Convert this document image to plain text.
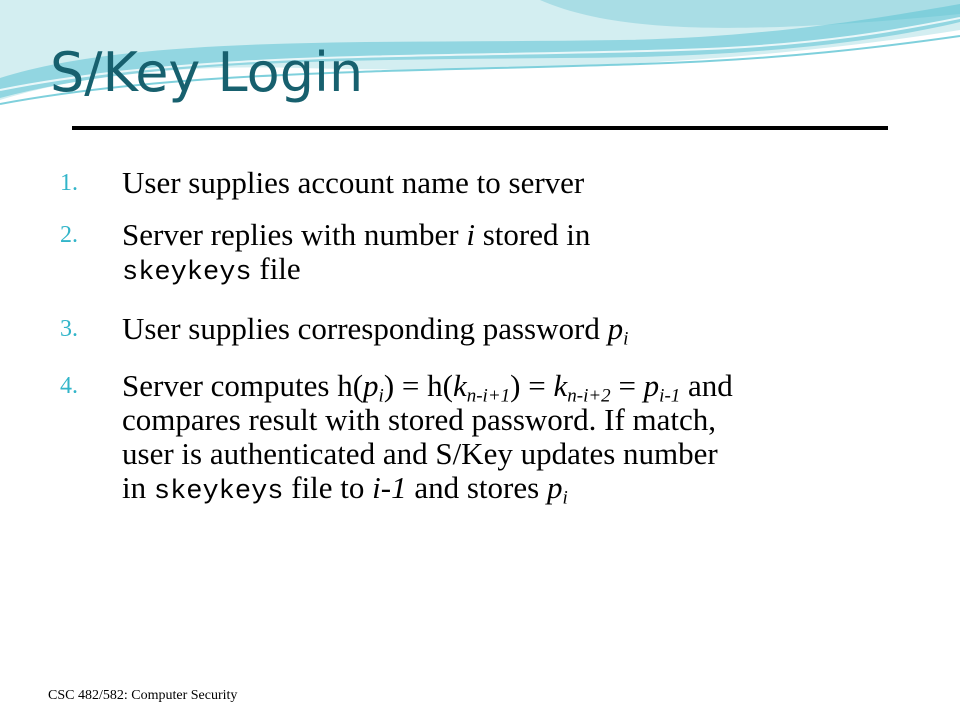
S/Key Login
1. User supplies account name to server
2. Server replies with number i stored in
skeykeys file
3. User supplies corresponding password $p_i$
4. Server computes $h(p_i) = h(k_{n-i+1}) = k_{n-i+2} = p_{i-1}$ and
compares result with stored password. If match,
user is authenticated and S/Key updates number
in skeykeys file to i-1 and stores $p_i$
CSC 482/582: Computer Security
